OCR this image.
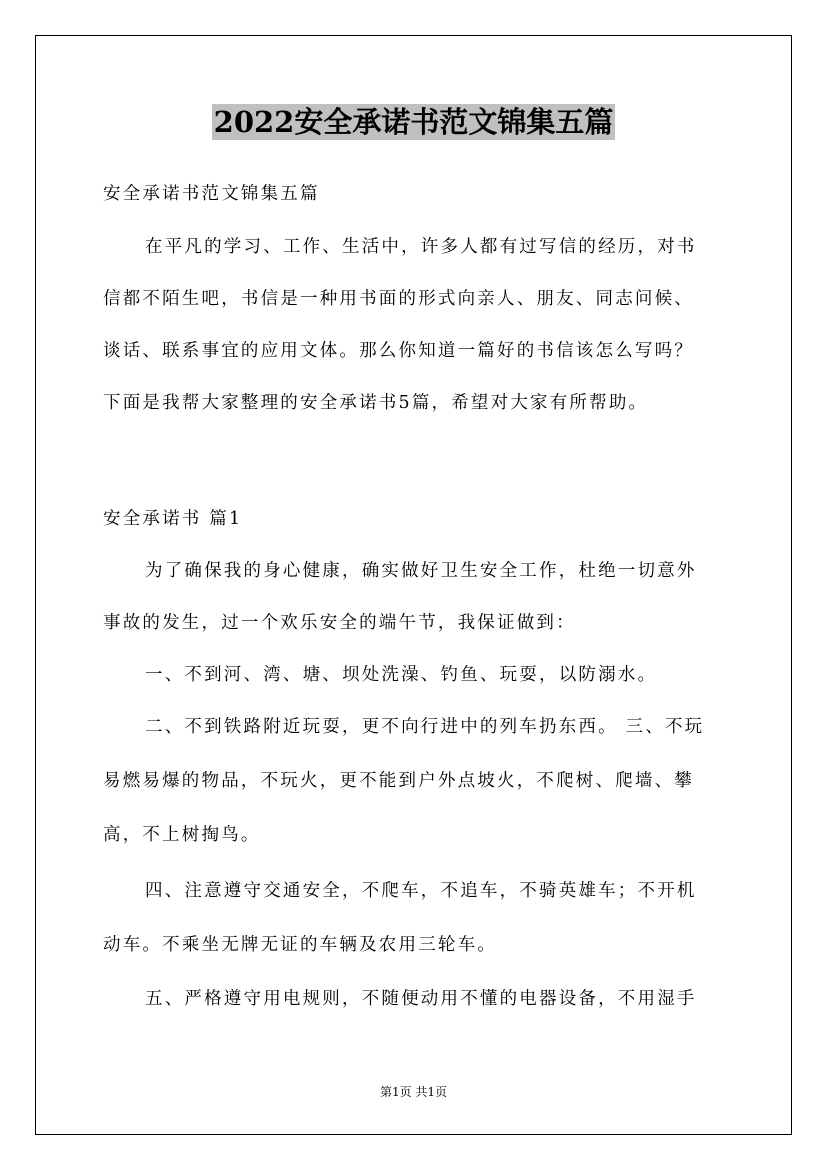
2022安全承诺书范文锦集五篇
安全承诺书范文锦集五篇
在平凡的学习、工作、生活中，许多人都有过写信的经历，对书
信都不陌生吧，书信是一种用书面的形式向亲人、朋友、同志问候、
谈话、联系事宜的应用文体。那么你知道一篇好的书信该怎么写吗？
下面是我帮大家整理的安全承诺书5篇，希望对大家有所帮助。
安全承诺书 篇1
为了确保我的身心健康，确实做好卫生安全工作，杜绝一切意外
事故的发生，过一个欢乐安全的端午节，我保证做到：
一、不到河、湾、塘、坝处洗澡、钓鱼、玩耍，以防溺水。
二、不到铁路附近玩耍，更不向行进中的列车扔东西。 三、不玩
易燃易爆的物品，不玩火，更不能到户外点坡火，不爬树、爬墙、攀
高，不上树掏鸟。
四、注意遵守交通安全，不爬车，不追车，不骑英雄车；不开机
动车。不乘坐无牌无证的车辆及农用三轮车。
五、严格遵守用电规则，不随便动用不懂的电器设备，不用湿手
第1页 共1页
